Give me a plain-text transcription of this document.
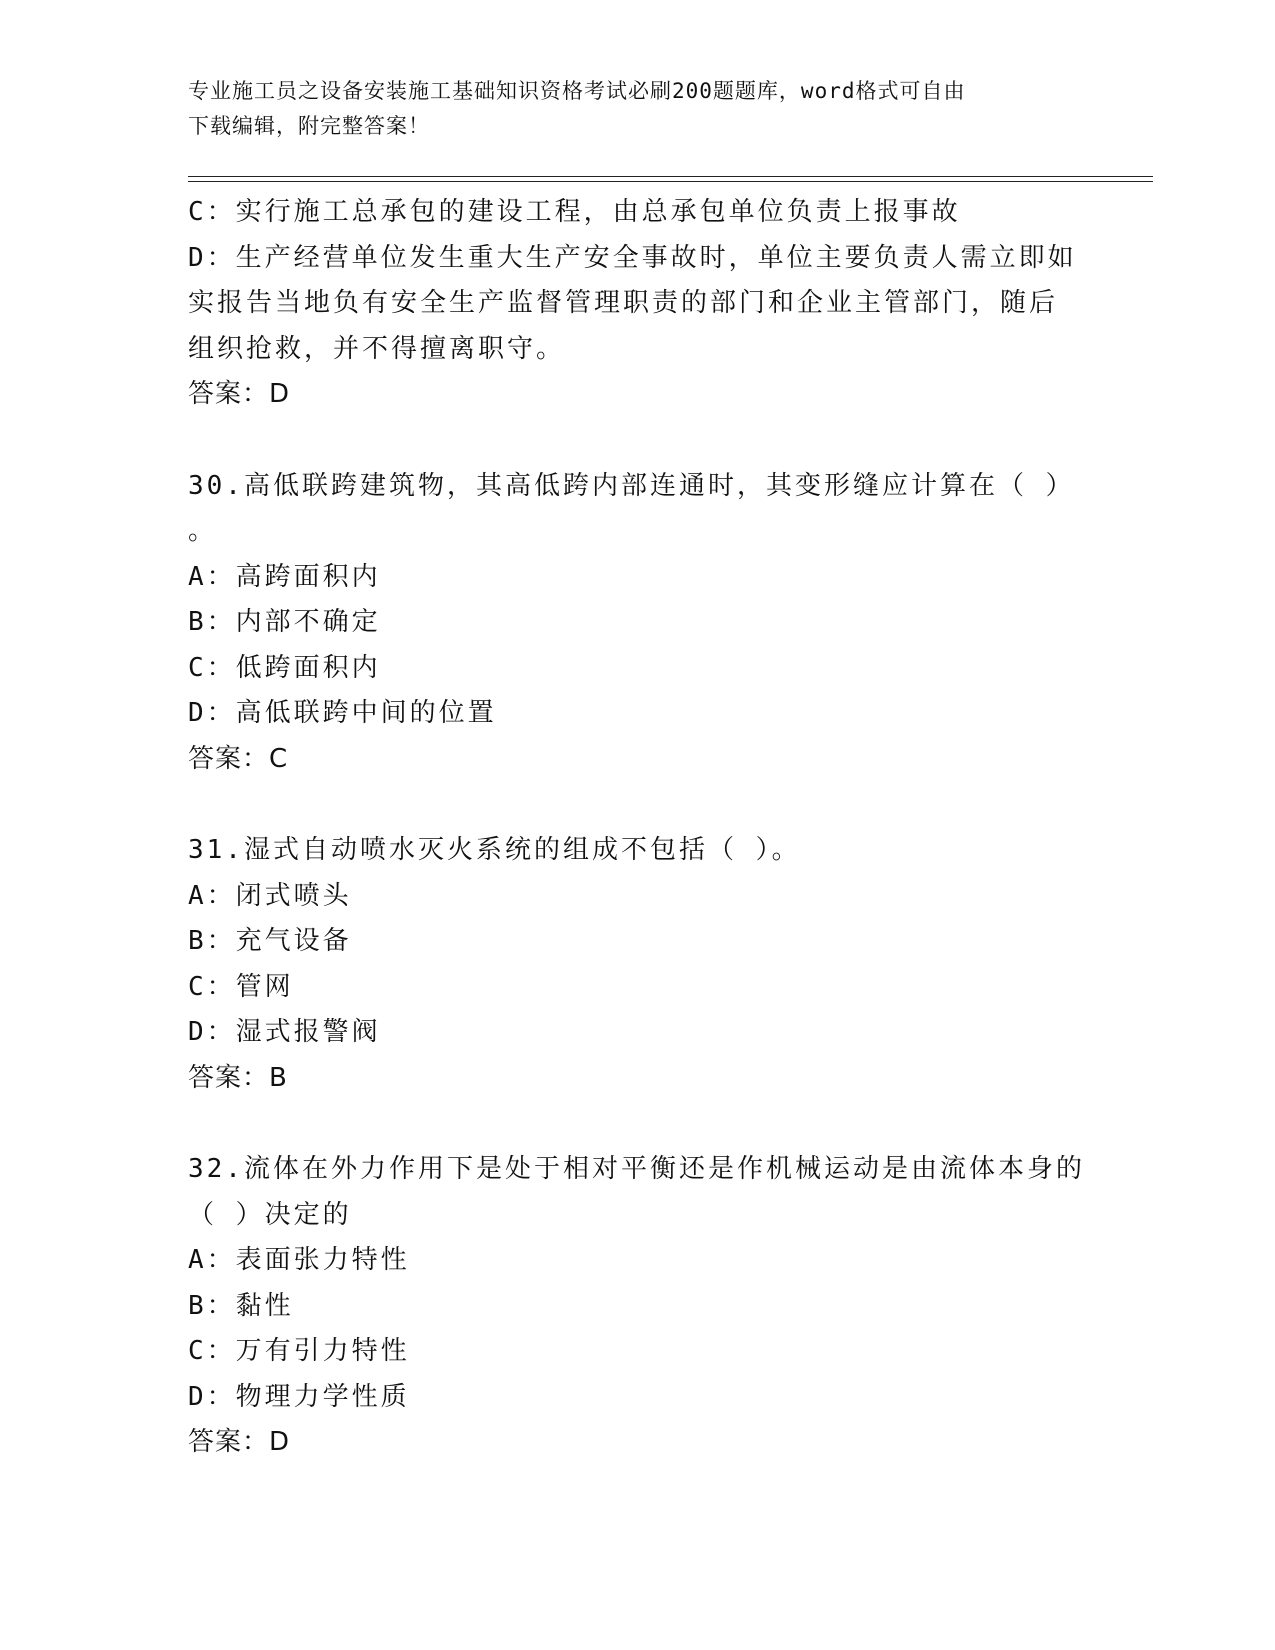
专业施工员之设备安装施工基础知识资格考试必刷200题题库，word格式可自由
下载编辑，附完整答案！
C：实行施工总承包的建设工程，由总承包单位负责上报事故
D：生产经营单位发生重大生产安全事故时，单位主要负责人需立即如
实报告当地负有安全生产监督管理职责的部门和企业主管部门，随后
组织抢救，并不得擅离职守。
答案：D
30.高低联跨建筑物，其高低跨内部连通时，其变形缝应计算在（ ）
。
A：高跨面积内
B：内部不确定
C：低跨面积内
D：高低联跨中间的位置
答案：C
31.湿式自动喷水灭火系统的组成不包括（ ）。
A：闭式喷头
B：充气设备
C：管网
D：湿式报警阀
答案：B
32.流体在外力作用下是处于相对平衡还是作机械运动是由流体本身的
（ ）决定的
A：表面张力特性
B：黏性
C：万有引力特性
D：物理力学性质
答案：D
